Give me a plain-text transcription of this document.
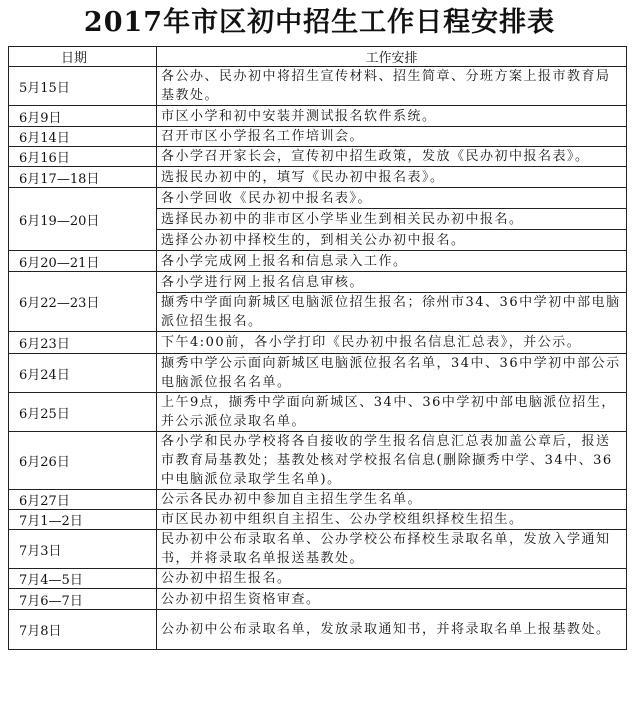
2017年市区初中招生工作日程安排表
日期	工作安排
5月15日	各公办、民办初中将招生宣传材料、招生简章、分班方案上报市教育局基教处。
6月9日	市区小学和初中安装并测试报名软件系统。
6月14日	召开市区小学报名工作培训会。
6月16日	各小学召开家长会，宣传初中招生政策，发放《民办初中报名表》。
6月17—18日	选报民办初中的，填写《民办初中报名表》。
6月19—20日	各小学回收《民办初中报名表》。
	选择民办初中的非市区小学毕业生到相关民办初中报名。
	选择公办初中择校生的，到相关公办初中报名。
6月20—21日	各小学完成网上报名和信息录入工作。
6月22—23日	各小学进行网上报名信息审核。
	撷秀中学面向新城区电脑派位招生报名；徐州市34、36中学初中部电脑派位招生报名。
6月23日	下午4:00前，各小学打印《民办初中报名信息汇总表》，并公示。
6月24日	撷秀中学公示面向新城区电脑派位报名名单，34中、36中学初中部公示电脑派位报名名单。
6月25日	上午9点，撷秀中学面向新城区、34中、36中学初中部电脑派位招生，并公示派位录取名单。
6月26日	各小学和民办学校将各自接收的学生报名信息汇总表加盖公章后，报送市教育局基教处；基教处核对学校报名信息(删除撷秀中学、34中、36中电脑派位录取学生名单)。
6月27日	公示各民办初中参加自主招生学生名单。
7月1—2日	市区民办初中组织自主招生、公办学校组织择校生招生。
7月3日	民办初中公布录取名单、公办学校公布择校生录取名单，发放入学通知书，并将录取名单报送基教处。
7月4—5日	公办初中招生报名。
7月6—7日	公办初中招生资格审查。
7月8日	公办初中公布录取名单，发放录取通知书，并将录取名单上报基教处。
